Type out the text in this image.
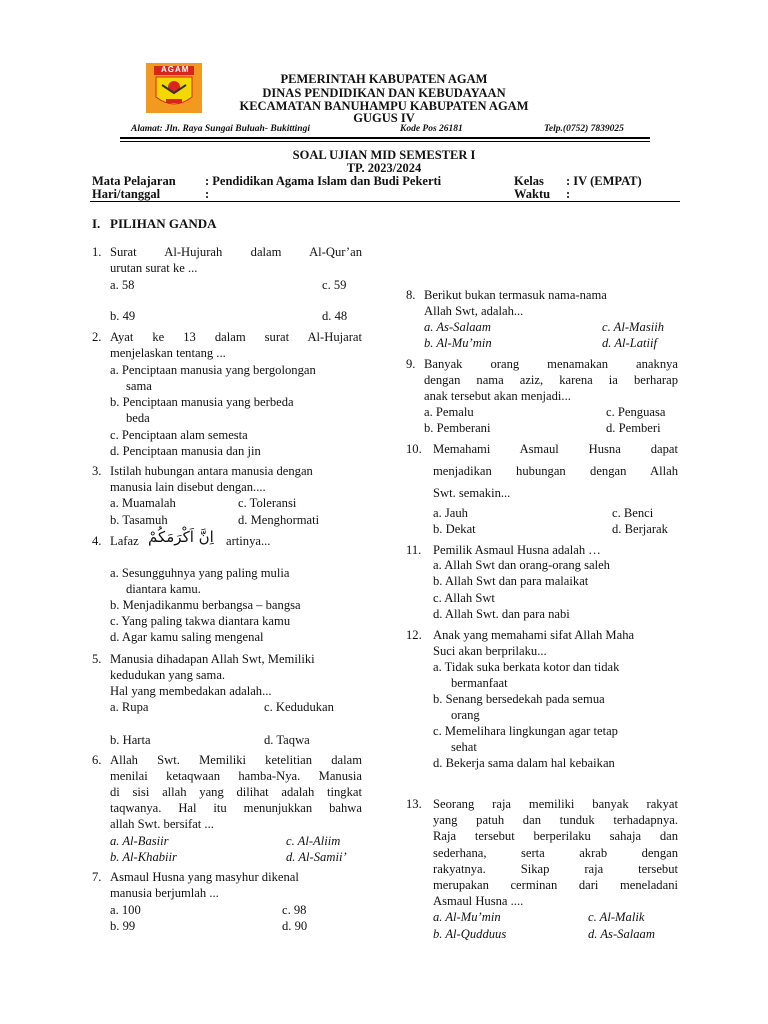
AGAM
PEMERINTAH KABUPATEN AGAM
DINAS PENDIDIKAN DAN KEBUDAYAAN
KECAMATAN BANUHAMPU KABUPATEN AGAM
GUGUS IV
Alamat: Jln. Raya Sungai Buluah- Bukittingi	Kode Pos 26181	Telp.(0752) 7839025
SOAL UJIAN MID SEMESTER I
TP. 2023/2024
Mata Pelajaran : Pendidikan Agama Islam dan Budi Pekerti	Kelas : IV (EMPAT)
Hari/tanggal	:	Waktu :
I. PILIHAN GANDA
1. Surat Al-Hujurah dalam Al-Qur’an
urutan surat ke ...
a. 58	c. 59
b. 49	d. 48
2. Ayat ke 13 dalam surat Al-Hujarat
menjelaskan tentang ...
a. Penciptaan manusia yang bergolongan
sama
b. Penciptaan manusia yang berbeda
beda
c. Penciptaan alam semesta
d. Penciptaan manusia dan jin
3. Istilah hubungan antara manusia dengan
manusia lain disebut dengan....
a. Muamalah	c. Toleransi
b. Tasamuh	d. Menghormati
4. Lafaz اِنَّ اَكْرَمَكُمْ artinya...
a. Sesungguhnya yang paling mulia
diantara kamu.
b. Menjadikanmu berbangsa – bangsa
c. Yang paling takwa diantara kamu
d. Agar kamu saling mengenal
5. Manusia dihadapan Allah Swt, Memiliki
kedudukan yang sama.
Hal yang membedakan adalah...
a. Rupa	c. Kedudukan
b. Harta	d. Taqwa
6. Allah Swt. Memiliki ketelitian dalam
menilai ketaqwaan hamba-Nya. Manusia
di sisi allah yang dilihat adalah tingkat
taqwanya. Hal itu menunjukkan bahwa
allah Swt. bersifat ...
a. Al-Basiir	c. Al-Aliim
b. Al-Khabiir	d. Al-Samii’
7. Asmaul Husna yang masyhur dikenal
manusia berjumlah ...
a. 100	c. 98
b. 99	d. 90
8. Berikut bukan termasuk nama-nama
Allah Swt, adalah...
a. As-Salaam	c. Al-Masiih
b. Al-Mu’min	d. Al-Latiif
9. Banyak orang menamakan anaknya
dengan nama aziz, karena ia berharap
anak tersebut akan menjadi...
a. Pemalu	c. Penguasa
b. Pemberani	d. Pemberi
10. Memahami Asmaul Husna dapat
menjadikan hubungan dengan Allah
Swt. semakin...
a. Jauh	c. Benci
b. Dekat	d. Berjarak
11. Pemilik Asmaul Husna adalah …
a. Allah Swt dan orang-orang saleh
b. Allah Swt dan para malaikat
c. Allah Swt
d. Allah Swt. dan para nabi
12. Anak yang memahami sifat Allah Maha
Suci akan berprilaku...
a. Tidak suka berkata kotor dan tidak
bermanfaat
b. Senang bersedekah pada semua
orang
c. Memelihara lingkungan agar tetap
sehat
d. Bekerja sama dalam hal kebaikan
13. Seorang raja memiliki banyak rakyat
yang patuh dan tunduk terhadapnya.
Raja tersebut berperilaku sahaja dan
sederhana, serta akrab dengan
rakyatnya. Sikap raja tersebut
merupakan cerminan dari meneladani
Asmaul Husna ....
a. Al-Mu’min	c. Al-Malik
b. Al-Qudduus	d. As-Salaam
